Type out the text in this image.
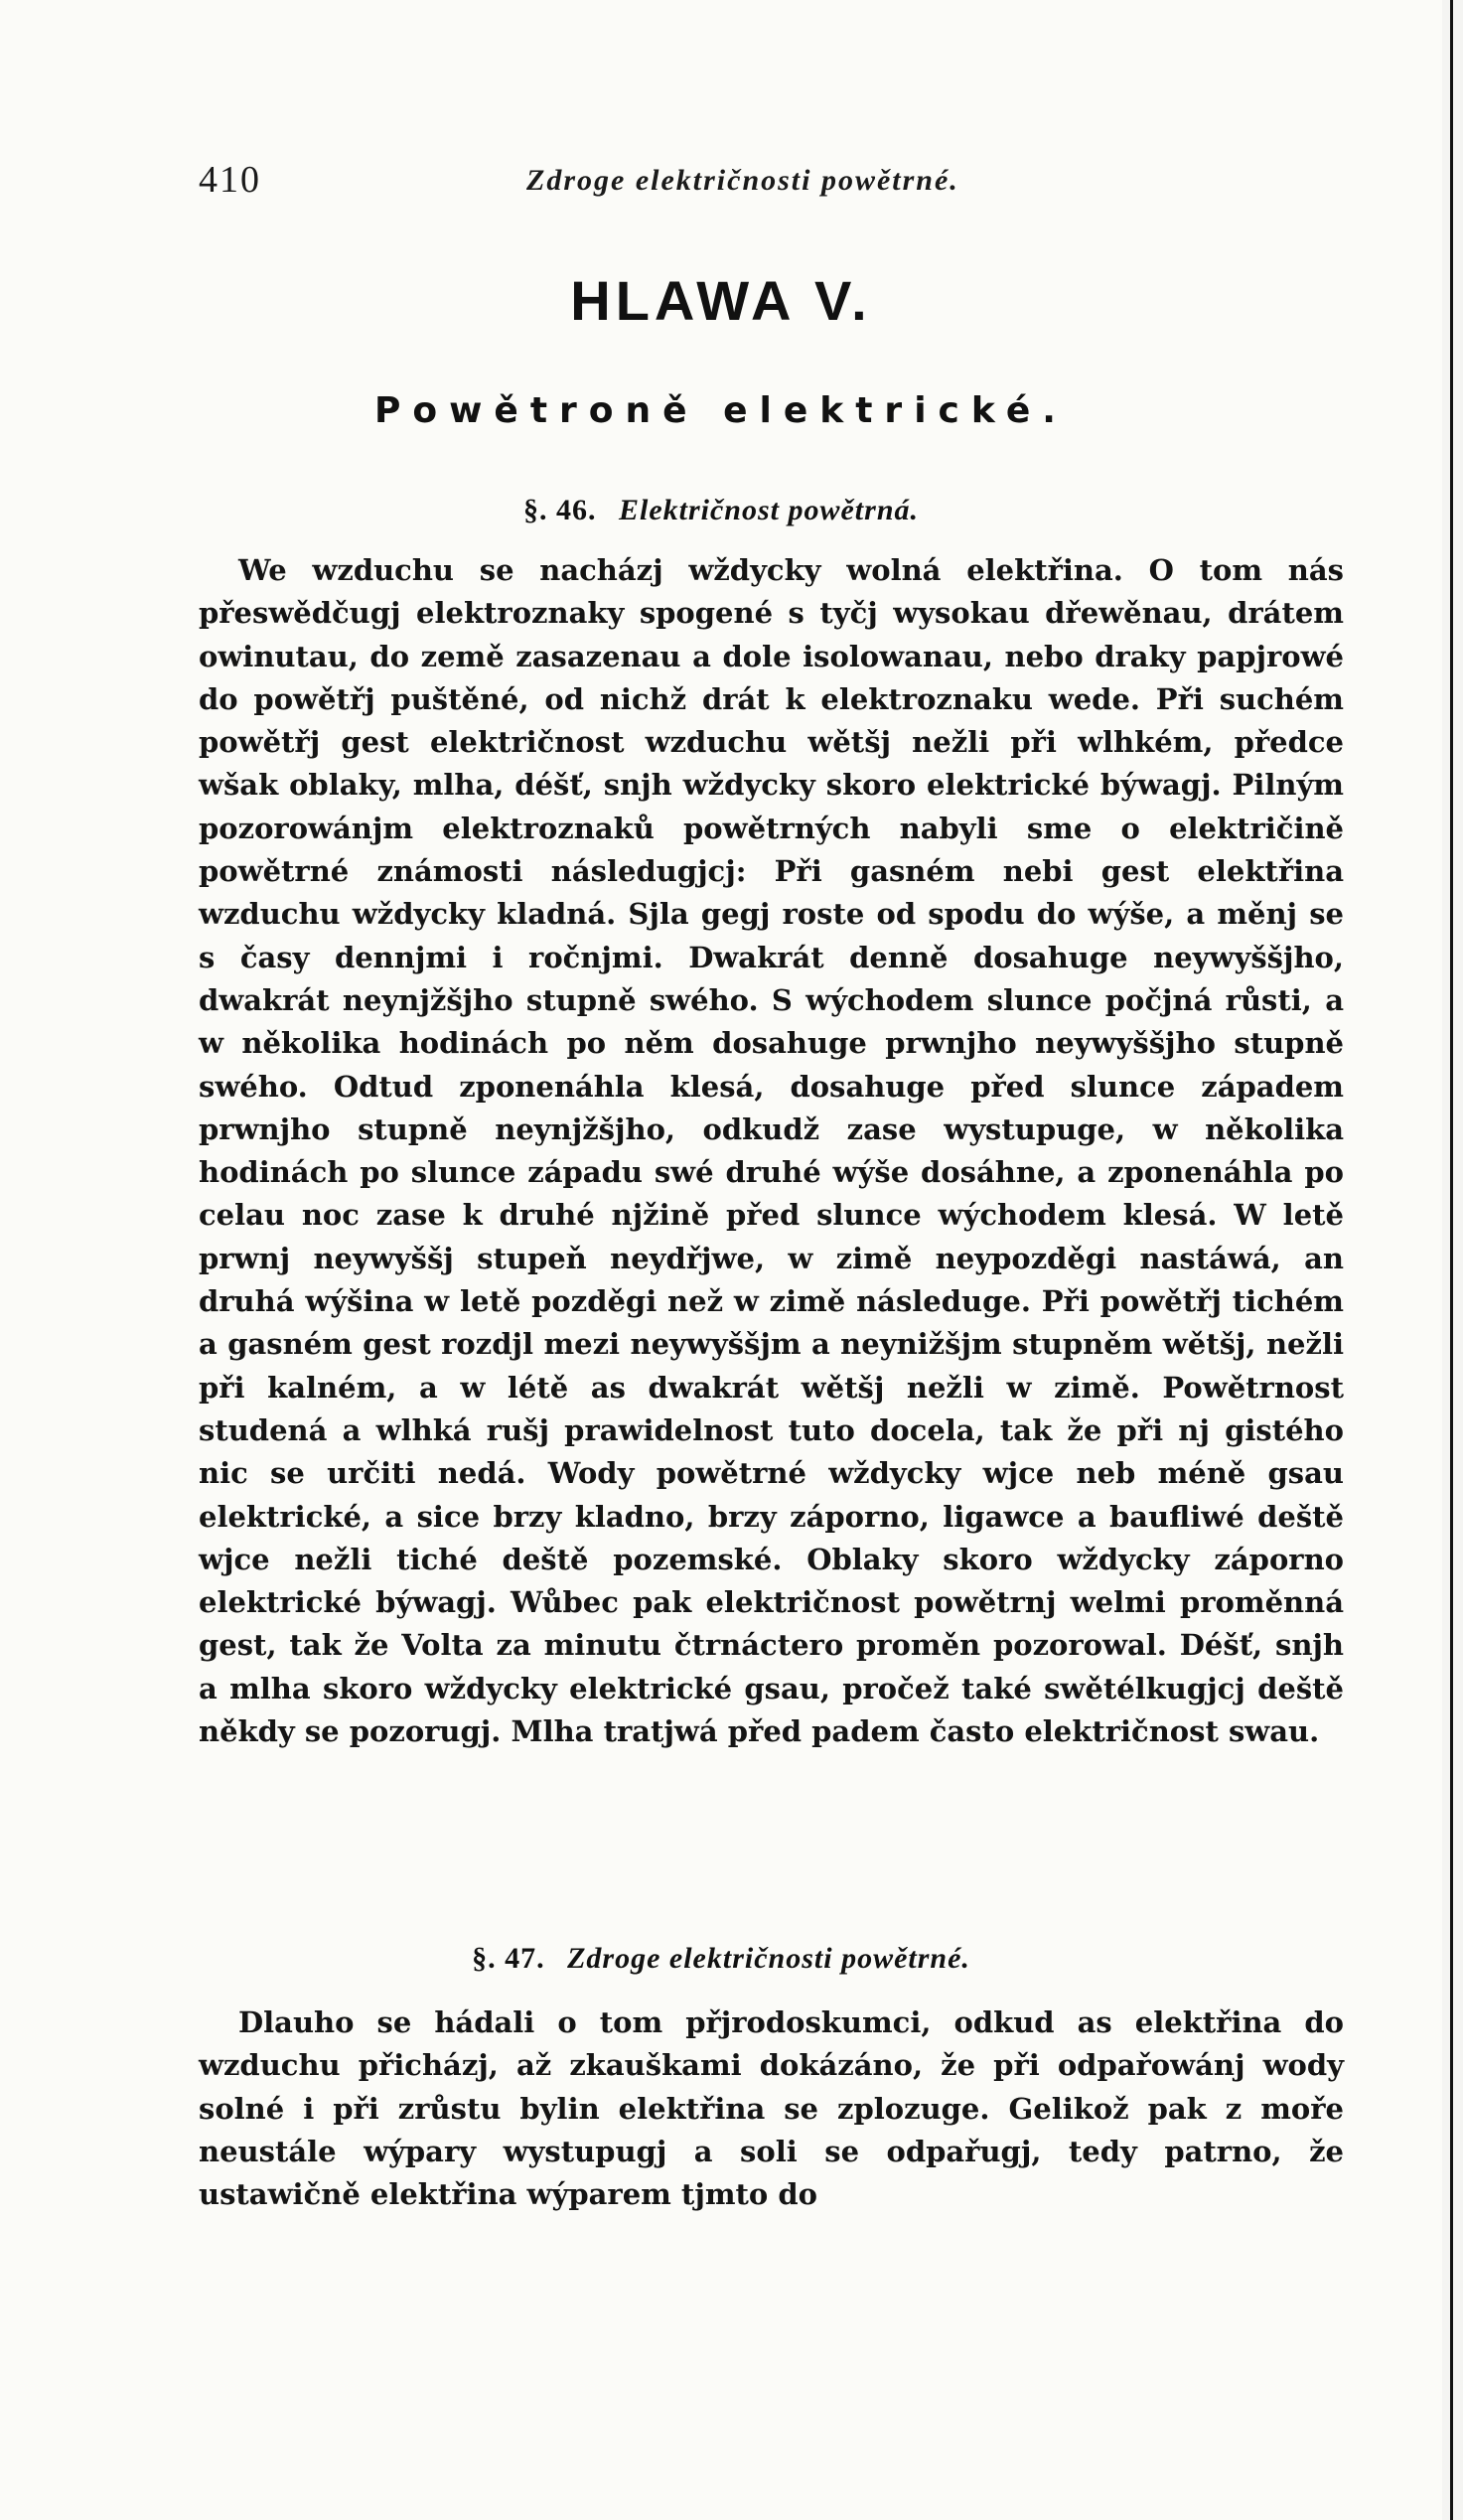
410	Zdroge električnosti powětrné.
HLAWA V.
Powětroně elektrické.
§. 46. Električnost powětrná.

We wzduchu se nacházj wždycky wolná elektřina. O tom nás přeswědčugj elektroznaky spogené s tyčj wysokau dřewěnau, drátem owinutau, do země zasazenau a dole isolowanau, nebo draky papjrowé do powětřj puštěné, od nichž drát k elektroznaku wede. Při suchém powětřj gest električnost wzduchu wětšj nežli při wlhkém, předce wšak oblaky, mlha, déšť, snjh wždycky skoro elektrické býwagj. Pilným pozorowánjm elektroznaků powětrných nabyli sme o električině powětrné známosti následugjcj: Při gasném nebi gest elektřina wzduchu wždycky kladná. Sjla gegj roste od spodu do wýše, a měnj se s časy dennjmi i ročnjmi. Dwakrát denně dosahuge neywyššjho, dwakrát neynjžšjho stupně swého. S wýchodem slunce počjná růsti, a w několika hodinách po něm dosahuge prwnjho neywyššjho stupně swého. Odtud zponenáhla klesá, dosahuge před slunce západem prwnjho stupně neynjžšjho, odkudž zase wystupuge, w několika hodinách po slunce západu swé druhé wýše dosáhne, a zponenáhla po celau noc zase k druhé njžině před slunce wýchodem klesá. W letě prwnj neywyššj stupeň neydřjwe, w zimě neypozděgi nastáwá, an druhá wýšina w letě pozděgi než w zimě následuge. Při powětřj tichém a gasném gest rozdjl mezi neywyššjm a neynižšjm stupněm wětšj, nežli při kalném, a w létě as dwakrát wětšj nežli w zimě. Powětrnost studená a wlhká rušj prawidelnost tuto docela, tak že při nj gistého nic se určiti nedá. Wody powětrné wždycky wjce neb méně gsau elektrické, a sice brzy kladno, brzy záporno, ligawce a baufliwé deště wjce nežli tiché deště pozemské. Oblaky skoro wždycky záporno elektrické býwagj. Wůbec pak električnost powětrnj welmi proměnná gest, tak že Volta za minutu čtrnáctero proměn pozorowal. Déšť, snjh a mlha skoro wždycky elektrické gsau, pročež také swětélkugjcj deště někdy se pozorugj. Mlha tratjwá před padem často električnost swau.

§. 47. Zdroge električnosti powětrné.

Dlauho se hádali o tom přjrodoskumci, odkud as elektřina do wzduchu přicházj, až zkauškami dokázáno, že při odpařowánj wody solné i při zrůstu bylin elektřina se zplozuge. Gelikož pak z moře neustále wýpary wystupugj a soli se odpařugj, tedy patrno, že ustawičně elektřina wýparem tjmto do
